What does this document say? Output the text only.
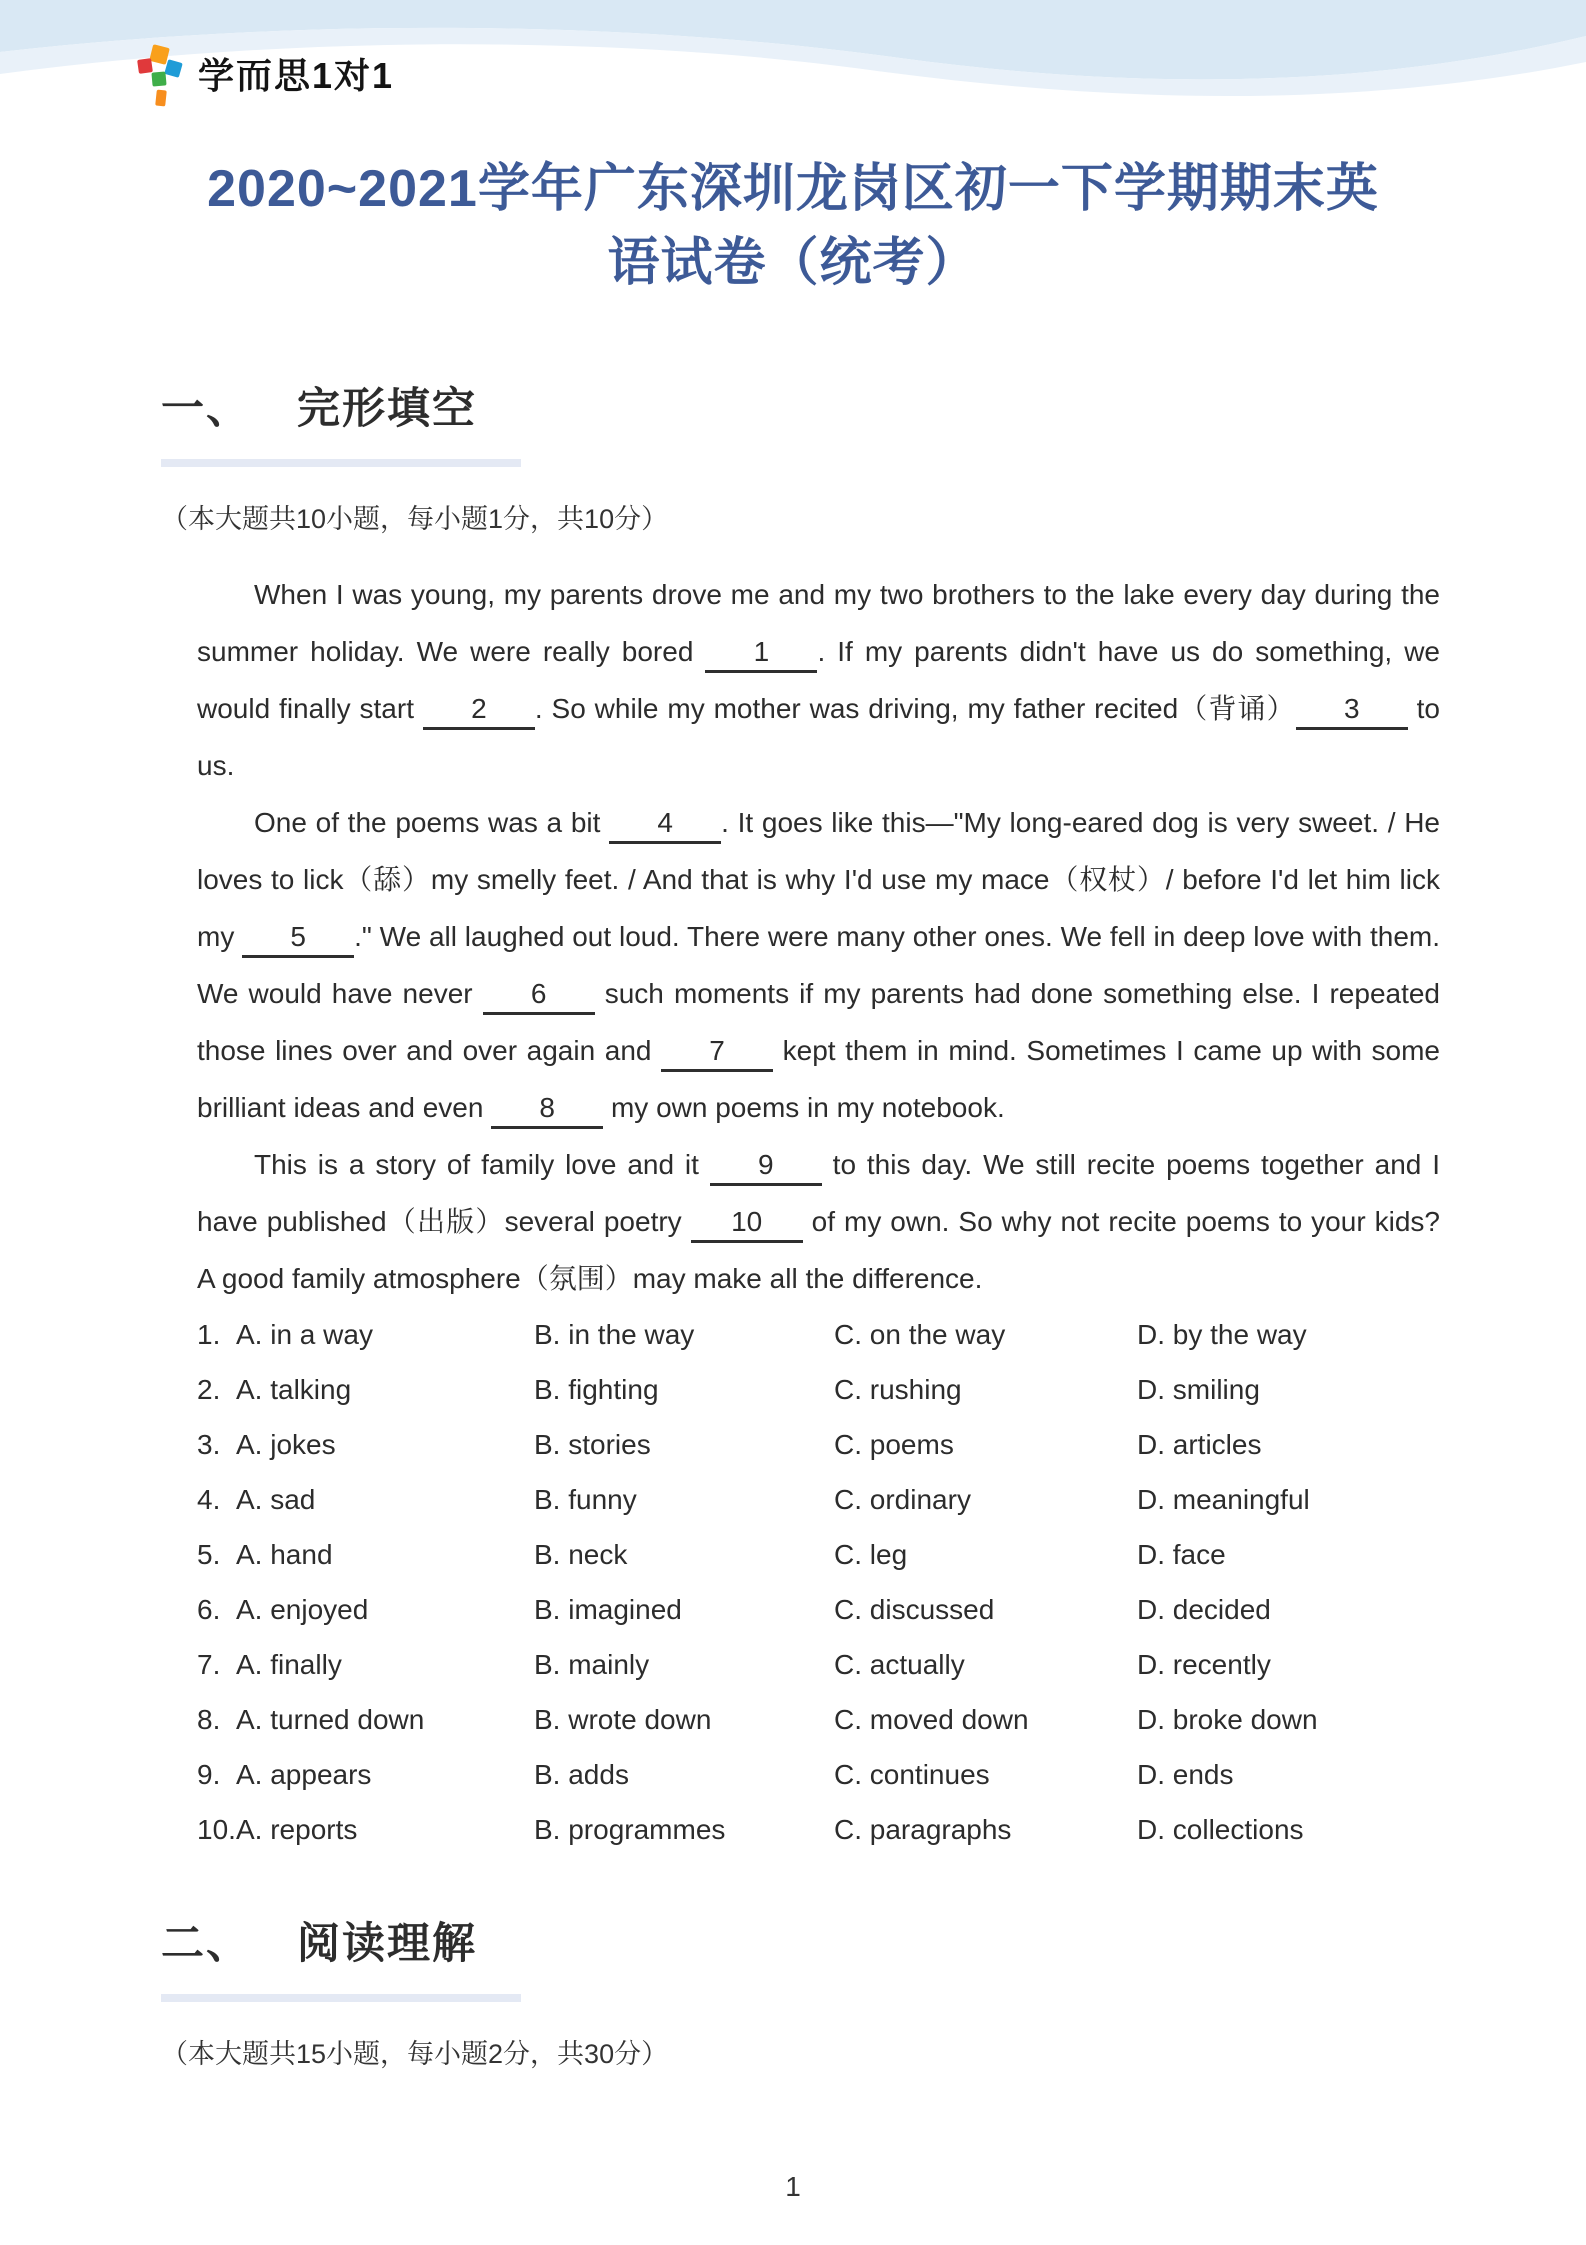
学而思1对1
2020~2021学年广东深圳龙岗区初一下学期期末英
语试卷（统考）
一、 完形填空

（本大题共10小题，每小题1分，共10分）

When I was young, my parents drove me and my two brothers to the lake every day during the summer holiday. We were really bored 1 . If my parents didn't have us do something, we would finally start 2 . So while my mother was driving, my father recited（背诵） 3 to us.

One of the poems was a bit 4 . It goes like this—"My long-eared dog is very sweet. / He loves to lick（舔）my smelly feet. / And that is why I'd use my mace（权杖）/ before I'd let him lick my 5 ." We all laughed out loud. There were many other ones. We fell in deep love with them. We would have never 6 such moments if my parents had done something else. I repeated those lines over and over again and 7 kept them in mind. Sometimes I came up with some brilliant ideas and even 8 my own poems in my notebook.

This is a story of family love and it 9 to this day. We still recite poems together and I have published（出版）several poetry 10 of my own. So why not recite poems to your kids? A good family atmosphere（氛围）may make all the difference.

1. A. in a way	B. in the way	C. on the way	D. by the way
2. A. talking	B. fighting	C. rushing	D. smiling
3. A. jokes	B. stories	C. poems	D. articles
4. A. sad	B. funny	C. ordinary	D. meaningful
5. A. hand	B. neck	C. leg	D. face
6. A. enjoyed	B. imagined	C. discussed	D. decided
7. A. finally	B. mainly	C. actually	D. recently
8. A. turned down	B. wrote down	C. moved down	D. broke down
9. A. appears	B. adds	C. continues	D. ends
10.A. reports	B. programmes	C. paragraphs	D. collections
二、 阅读理解

（本大题共15小题，每小题2分，共30分）

1
